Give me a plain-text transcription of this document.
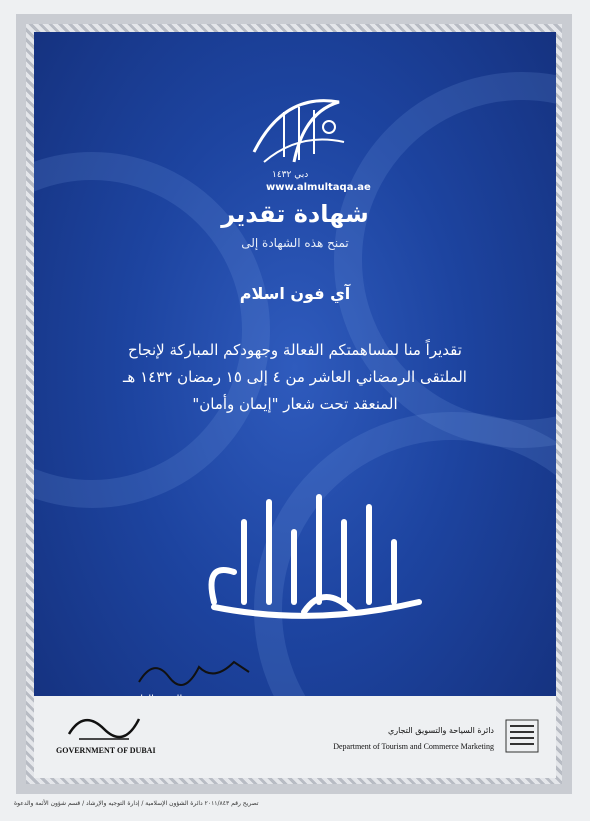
دبي ١٤٣٢
www.almultaqa.ae
شهادة تقدير
تمنح هذه الشهادة إلى
آي فون اسلام
تقديراً منا لمساهمتكم الفعالة وجهودكم المباركة لإنجاح
الملتقى الرمضاني العاشر من ٤ إلى ١٥ رمضان ١٤٣٢ هـ
المنعقد تحت شعار "إيمان وأمان"
GOVERNMENT OF DUBAI
دائرة السياحة والتسويق التجاري
Department of Tourism and Commerce Marketing
تصريح رقم ٢٠١١/٨٤٣ دائرة الشؤون الإسلامية / إدارة التوجيه والإرشاد / قسم شؤون الأئمة والدعوة
